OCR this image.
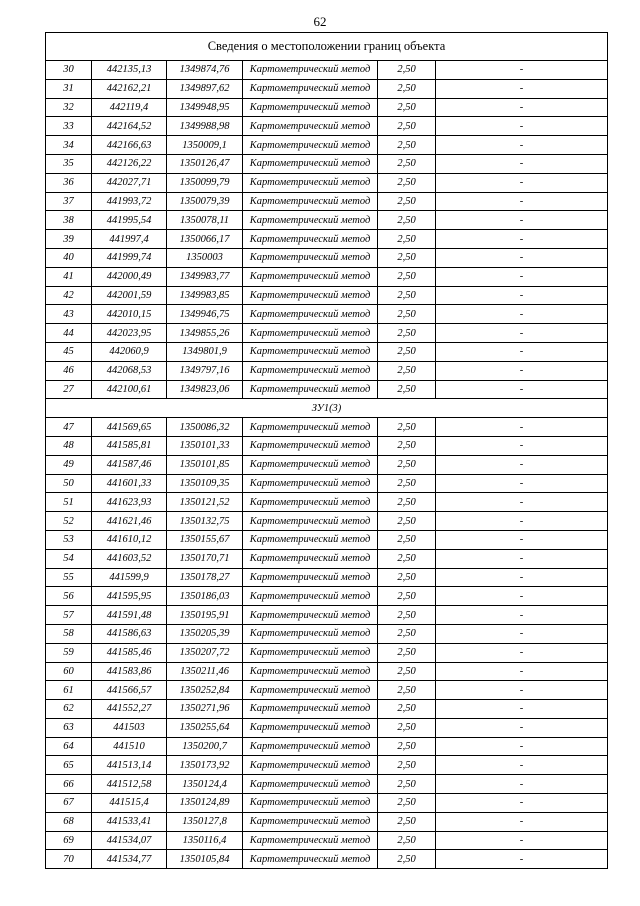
62
Сведения о местоположении границ объекта					
30	442135,13	1349874,76	Картометрический метод	2,50	-
31	442162,21	1349897,62	Картометрический метод	2,50	-
32	442119,4	1349948,95	Картометрический метод	2,50	-
33	442164,52	1349988,98	Картометрический метод	2,50	-
34	442166,63	1350009,1	Картометрический метод	2,50	-
35	442126,22	1350126,47	Картометрический метод	2,50	-
36	442027,71	1350099,79	Картометрический метод	2,50	-
37	441993,72	1350079,39	Картометрический метод	2,50	-
38	441995,54	1350078,11	Картометрический метод	2,50	-
39	441997,4	1350066,17	Картометрический метод	2,50	-
40	441999,74	1350003	Картометрический метод	2,50	-
41	442000,49	1349983,77	Картометрический метод	2,50	-
42	442001,59	1349983,85	Картометрический метод	2,50	-
43	442010,15	1349946,75	Картометрический метод	2,50	-
44	442023,95	1349855,26	Картометрический метод	2,50	-
45	442060,9	1349801,9	Картометрический метод	2,50	-
46	442068,53	1349797,16	Картометрический метод	2,50	-
27	442100,61	1349823,06	Картометрический метод	2,50	-
ЗУ1(3)					
47	441569,65	1350086,32	Картометрический метод	2,50	-
48	441585,81	1350101,33	Картометрический метод	2,50	-
49	441587,46	1350101,85	Картометрический метод	2,50	-
50	441601,33	1350109,35	Картометрический метод	2,50	-
51	441623,93	1350121,52	Картометрический метод	2,50	-
52	441621,46	1350132,75	Картометрический метод	2,50	-
53	441610,12	1350155,67	Картометрический метод	2,50	-
54	441603,52	1350170,71	Картометрический метод	2,50	-
55	441599,9	1350178,27	Картометрический метод	2,50	-
56	441595,95	1350186,03	Картометрический метод	2,50	-
57	441591,48	1350195,91	Картометрический метод	2,50	-
58	441586,63	1350205,39	Картометрический метод	2,50	-
59	441585,46	1350207,72	Картометрический метод	2,50	-
60	441583,86	1350211,46	Картометрический метод	2,50	-
61	441566,57	1350252,84	Картометрический метод	2,50	-
62	441552,27	1350271,96	Картометрический метод	2,50	-
63	441503	1350255,64	Картометрический метод	2,50	-
64	441510	1350200,7	Картометрический метод	2,50	-
65	441513,14	1350173,92	Картометрический метод	2,50	-
66	441512,58	1350124,4	Картометрический метод	2,50	-
67	441515,4	1350124,89	Картометрический метод	2,50	-
68	441533,41	1350127,8	Картометрический метод	2,50	-
69	441534,07	1350116,4	Картометрический метод	2,50	-
70	441534,77	1350105,84	Картометрический метод	2,50	-
